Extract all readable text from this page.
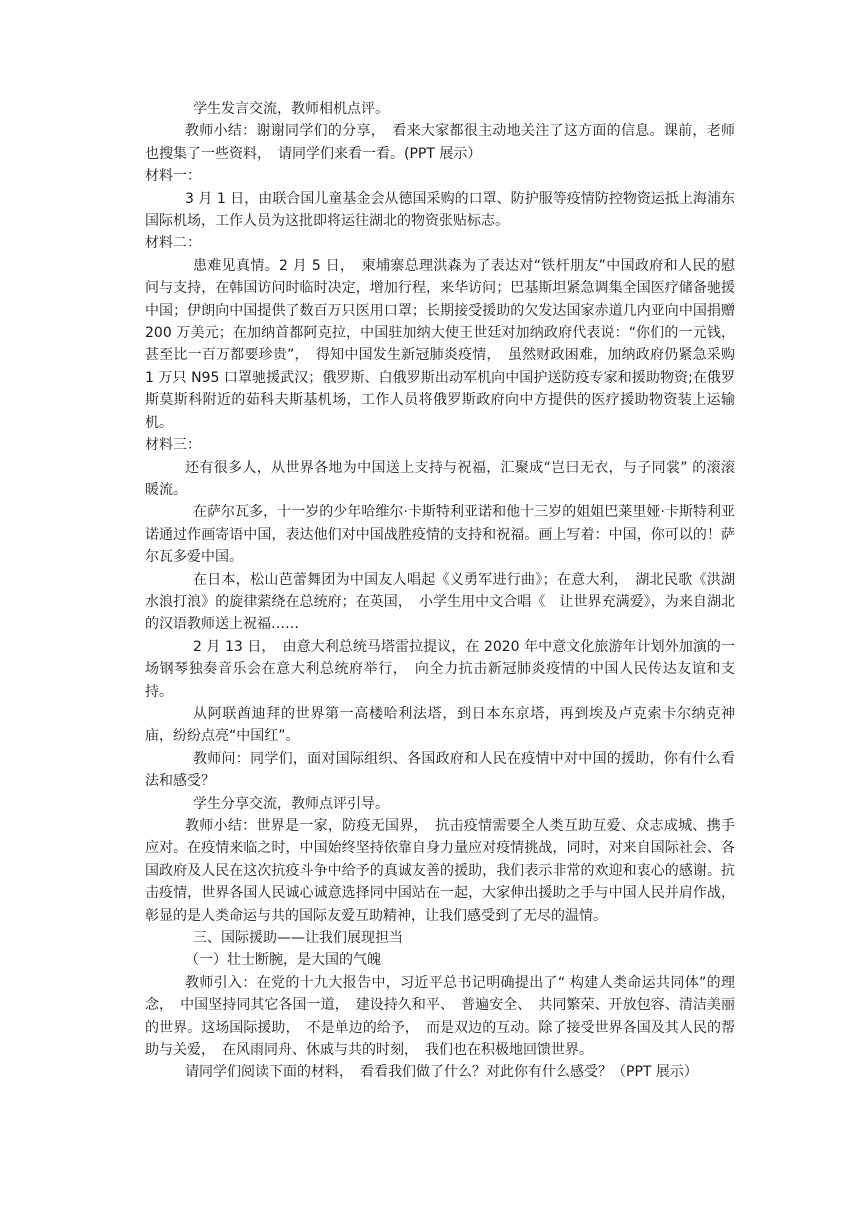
学生发言交流，教师相机点评。

教师小结：谢谢同学们的分享，　看来大家都很主动地关注了这方面的信息。课前，老师也搜集了一些资料，　请同学们来看一看。(PPT 展示）

材料一：

3 月 1 日，由联合国儿童基金会从德国采购的口罩、防护服等疫情防控物资运抵上海浦东国际机场，工作人员为这批即将运往湖北的物资张贴标志。

材料二：

患难见真情。2 月 5 日，　柬埔寨总理洪森为了表达对“铁杆朋友”中国政府和人民的慰问与支持，在韩国访问时临时决定，增加行程，来华访问；巴基斯坦紧急调集全国医疗储备驰援中国；伊朗向中国提供了数百万只医用口罩；长期接受援助的欠发达国家赤道几内亚向中国捐赠 200 万美元；在加纳首都阿克拉，中国驻加纳大使王世廷对加纳政府代表说：“你们的一元钱，甚至比一百万都要珍贵”，　得知中国发生新冠肺炎疫情，　虽然财政困难，加纳政府仍紧急采购 1 万只 N95 口罩驰援武汉；俄罗斯、白俄罗斯出动军机向中国护送防疫专家和援助物资;在俄罗斯莫斯科附近的茹科夫斯基机场，工作人员将俄罗斯政府向中方提供的医疗援助物资装上运输机。

材料三：

还有很多人，从世界各地为中国送上支持与祝福，汇聚成“岂曰无衣，与子同裳” 的滚滚暖流。

在萨尔瓦多，十一岁的少年哈维尔·卡斯特利亚诺和他十三岁的姐姐巴莱里娅·卡斯特利亚诺通过作画寄语中国，表达他们对中国战胜疫情的支持和祝福。画上写着：中国，你可以的！萨尔瓦多爱中国。

在日本，松山芭蕾舞团为中国友人唱起《义勇军进行曲》；在意大利，　湖北民歌《洪湖水浪打浪》的旋律萦绕在总统府；在英国，　小学生用中文合唱《　让世界充满爱》，为来自湖北的汉语教师送上祝福……

2 月 13 日，　由意大利总统马塔雷拉提议，在 2020 年中意文化旅游年计划外加演的一场钢琴独奏音乐会在意大利总统府举行，　向全力抗击新冠肺炎疫情的中国人民传达友谊和支持。

从阿联酋迪拜的世界第一高楼哈利法塔，到日本东京塔，再到埃及卢克索卡尔纳克神庙，纷纷点亮“中国红”。

教师问：同学们，面对国际组织、各国政府和人民在疫情中对中国的援助，你有什么看法和感受？

学生分享交流，教师点评引导。

教师小结：世界是一家，防疫无国界，　抗击疫情需要全人类互助互爱、众志成城、携手应对。在疫情来临之时，中国始终坚持依靠自身力量应对疫情挑战，同时，对来自国际社会、各国政府及人民在这次抗疫斗争中给予的真诚友善的援助，我们表示非常的欢迎和衷心的感谢。抗击疫情，世界各国人民诚心诚意选择同中国站在一起，大家伸出援助之手与中国人民并肩作战，彰显的是人类命运与共的国际友爱互助精神，让我们感受到了无尽的温情。

三、国际援助——让我们展现担当

（一）壮士断腕，是大国的气魄

教师引入：在党的十九大报告中，习近平总书记明确提出了“ 构建人类命运共同体”的理念，　中国坚持同其它各国一道，　建设持久和平、　普遍安全、　共同繁荣、开放包容、清洁美丽的世界。这场国际援助，　不是单边的给予，　而是双边的互动。除了接受世界各国及其人民的帮助与关爱，　在风雨同舟、休戚与共的时刻，　我们也在积极地回馈世界。

请同学们阅读下面的材料，　看看我们做了什么？对此你有什么感受？（PPT 展示）
